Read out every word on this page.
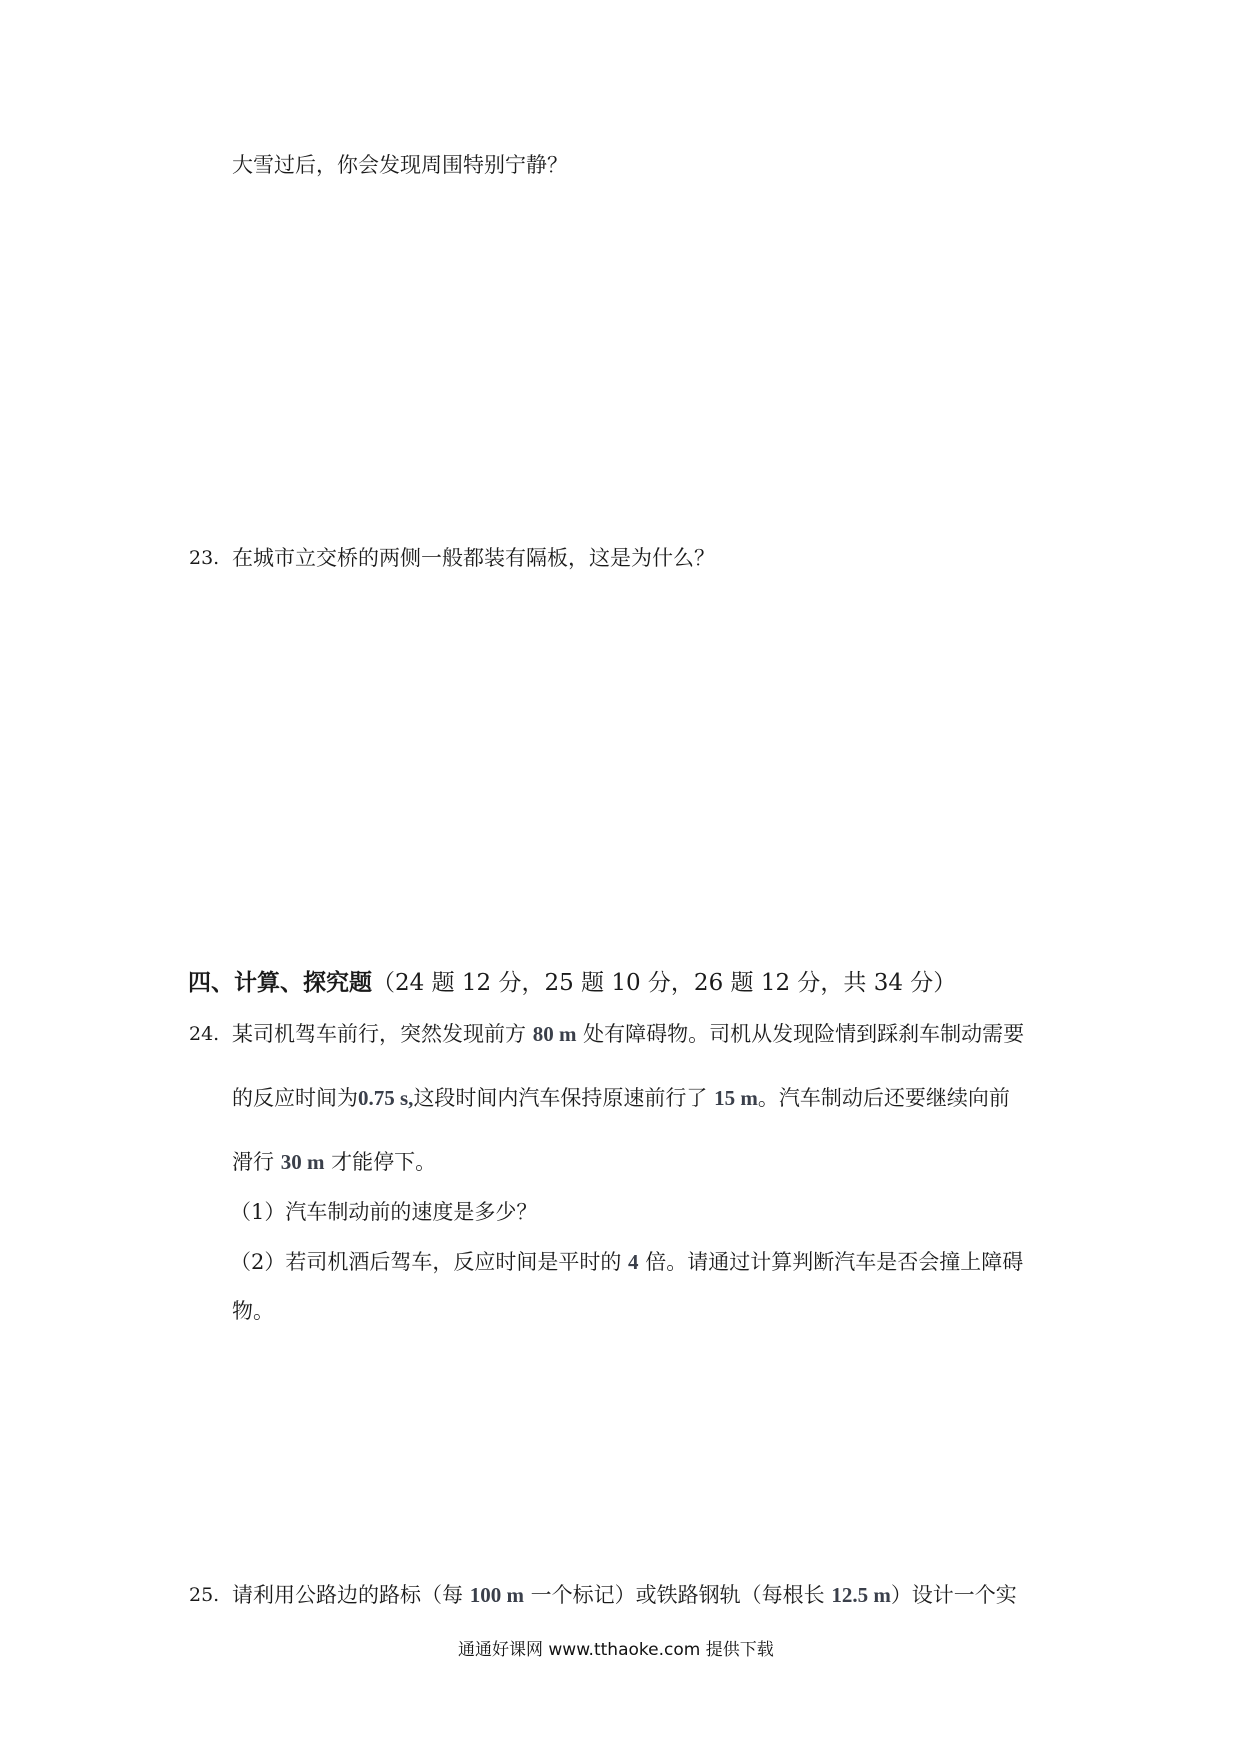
大雪过后，你会发现周围特别宁静？
23. 在城市立交桥的两侧一般都装有隔板，这是为什么？
四、计算、探究题（24 题 12 分，25 题 10 分，26 题 12 分，共 34 分）
24. 某司机驾车前行，突然发现前方 80 m 处有障碍物。司机从发现险情到踩刹车制动需要
的反应时间为0.75 s,这段时间内汽车保持原速前行了 15 m。汽车制动后还要继续向前
滑行 30 m 才能停下。
（1）汽车制动前的速度是多少？
（2）若司机酒后驾车，反应时间是平时的 4 倍。请通过计算判断汽车是否会撞上障碍
物。
25. 请利用公路边的路标（每 100 m 一个标记）或铁路钢轨（每根长 12.5 m）设计一个实
通通好课网 www.tthaoke.com 提供下载
